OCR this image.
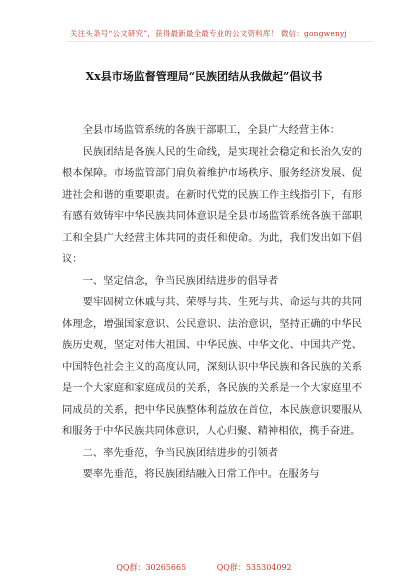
关注头条号“公文研究”，获得最新最全最专业的公文资料库！ 微信：gongwenyj
Xx县市场监督管理局“民族团结从我做起”倡议书

全县市场监管系统的各族干部职工，全县广大经营主体：

民族团结是各族人民的生命线，是实现社会稳定和长治久安的根本保障。市场监管部门肩负着维护市场秩序、服务经济发展、促进社会和谐的重要职责。在新时代党的民族工作主线指引下，有形有感有效铸牢中华民族共同体意识是全县市场监管系统各族干部职工和全县广大经营主体共同的责任和使命。为此，我们发出如下倡议：

一、坚定信念，争当民族团结进步的倡导者

要牢固树立休戚与共、荣辱与共、生死与共、命运与共的共同体理念，增强国家意识、公民意识、法治意识，坚持正确的中华民族历史观，坚定对伟大祖国、中华民族、中华文化、中国共产党、中国特色社会主义的高度认同，深刻认识中华民族和各民族的关系是一个大家庭和家庭成员的关系，各民族的关系是一个大家庭里不同成员的关系，把中华民族整体利益放在首位，本民族意识要服从和服务于中华民族共同体意识，人心归聚、精神相依，携手奋进。

二、率先垂范，争当民族团结进步的引领者

要率先垂范，将民族团结融入日常工作中。在服务与

QQ群：30265665	QQ群：535304092
